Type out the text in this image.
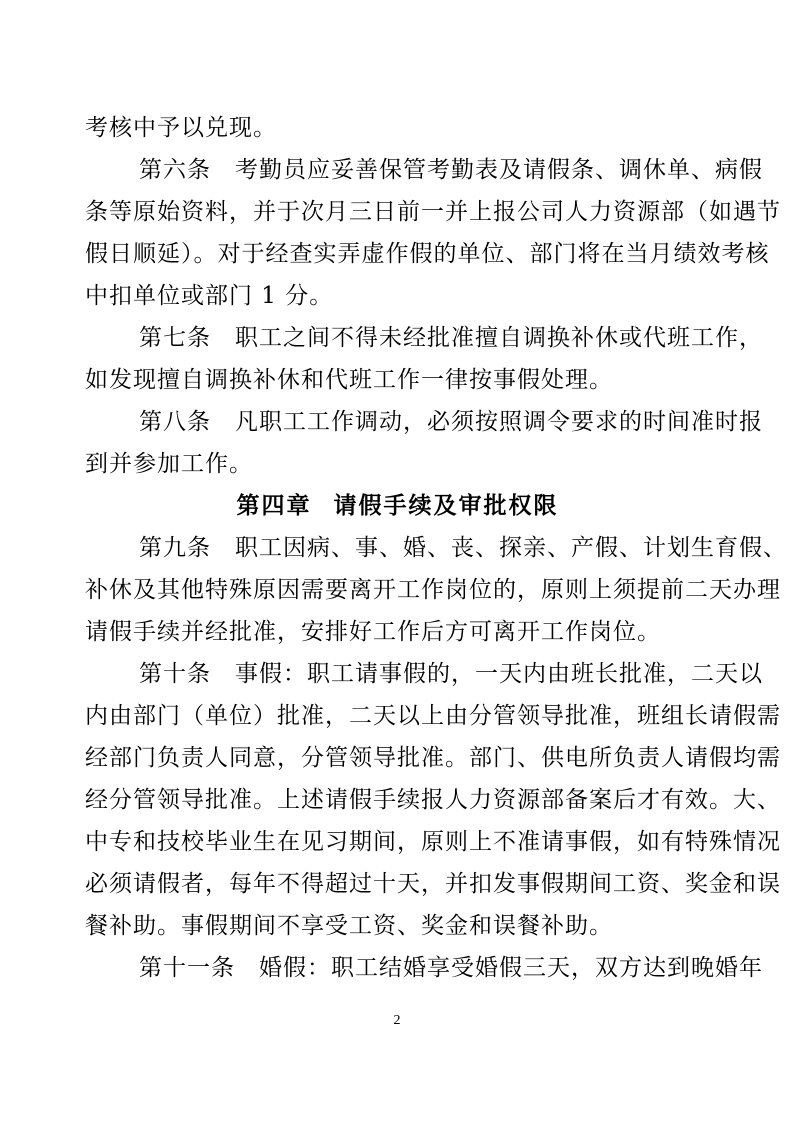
考核中予以兑现。
第六条　考勤员应妥善保管考勤表及请假条、调休单、病假
条等原始资料，并于次月三日前一并上报公司人力资源部（如遇节
假日顺延）。对于经查实弄虚作假的单位、部门将在当月绩效考核
中扣单位或部门 1 分。
第七条　职工之间不得未经批准擅自调换补休或代班工作，
如发现擅自调换补休和代班工作一律按事假处理。
第八条　凡职工工作调动，必须按照调令要求的时间准时报
到并参加工作。
第四章 请假手续及审批权限
第九条　职工因病、事、婚、丧、探亲、产假、计划生育假、
补休及其他特殊原因需要离开工作岗位的，原则上须提前二天办理
请假手续并经批准，安排好工作后方可离开工作岗位。
第十条　事假：职工请事假的，一天内由班长批准，二天以
内由部门（单位）批准，二天以上由分管领导批准，班组长请假需
经部门负责人同意，分管领导批准。部门、供电所负责人请假均需
经分管领导批准。上述请假手续报人力资源部备案后才有效。大、
中专和技校毕业生在见习期间，原则上不准请事假，如有特殊情况
必须请假者，每年不得超过十天，并扣发事假期间工资、奖金和误
餐补助。事假期间不享受工资、奖金和误餐补助。
第十一条　婚假：职工结婚享受婚假三天，双方达到晚婚年
2
